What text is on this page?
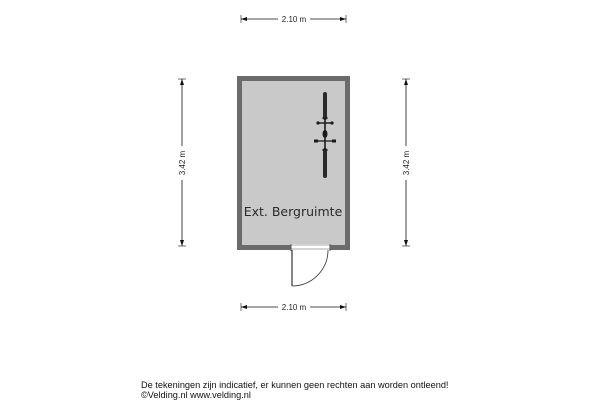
2.10 m
3.42 m	3.42 m
Ext. Bergruimte
2.10 m
De tekeningen zijn indicatief, er kunnen geen rechten aan worden ontleend!
©Velding.nl www.velding.nl
